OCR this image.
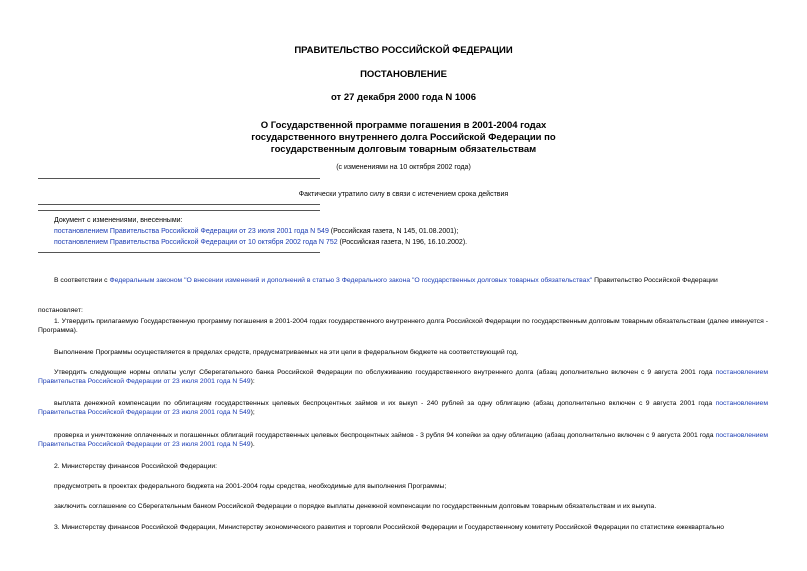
ПРАВИТЕЛЬСТВО РОССИЙСКОЙ ФЕДЕРАЦИИ
ПОСТАНОВЛЕНИЕ
от 27 декабря 2000 года N 1006
О Государственной программе погашения в 2001-2004 годах
государственного внутреннего долга Российской Федерации по
государственным долговым товарным обязательствам
(с изменениями на 10 октября 2002 года)
Фактически утратило силу в связи с истечением срока действия
Документ с изменениями, внесенными:
постановлением Правительства Российской Федерации от 23 июля 2001 года N 549 (Российская газета, N 145, 01.08.2001);
постановлением Правительства Российской Федерации от 10 октября 2002 года N 752 (Российская газета, N 196, 16.10.2002).
В соответствии с Федеральным законом "О внесении изменений и дополнений в статью 3 Федерального закона "О государственных долговых товарных обязательствах" Правительство Российской Федерации
постановляет:
1. Утвердить прилагаемую Государственную программу погашения в 2001-2004 годах государственного внутреннего долга Российской Федерации по государственным долговым товарным обязательствам (далее именуется - Программа).
Выполнение Программы осуществляется в пределах средств, предусматриваемых на эти цели в федеральном бюджете на соответствующий год.
Утвердить следующие нормы оплаты услуг Сберегательного банка Российской Федерации по обслуживанию государственного внутреннего долга (абзац дополнительно включен с 9 августа 2001 года постановлением Правительства Российской Федерации от 23 июля 2001 года N 549):
выплата денежной компенсации по облигациям государственных целевых беспроцентных займов и их выкуп - 240 рублей за одну облигацию (абзац дополнительно включен с 9 августа 2001 года постановлением Правительства Российской Федерации от 23 июля 2001 года N 549);
проверка и уничтожение оплаченных и погашенных облигаций государственных целевых беспроцентных займов - 3 рубля 94 копейки за одну облигацию (абзац дополнительно включен с 9 августа 2001 года постановлением Правительства Российской Федерации от 23 июля 2001 года N 549).
2. Министерству финансов Российской Федерации:
предусмотреть в проектах федерального бюджета на 2001-2004 годы средства, необходимые для выполнения Программы;
заключить соглашение со Сберегательным банком Российской Федерации о порядке выплаты денежной компенсации по государственным долговым товарным обязательствам и их выкупа.
3. Министерству финансов Российской Федерации, Министерству экономического развития и торговли Российской Федерации и Государственному комитету Российской Федерации по статистике ежеквартально
